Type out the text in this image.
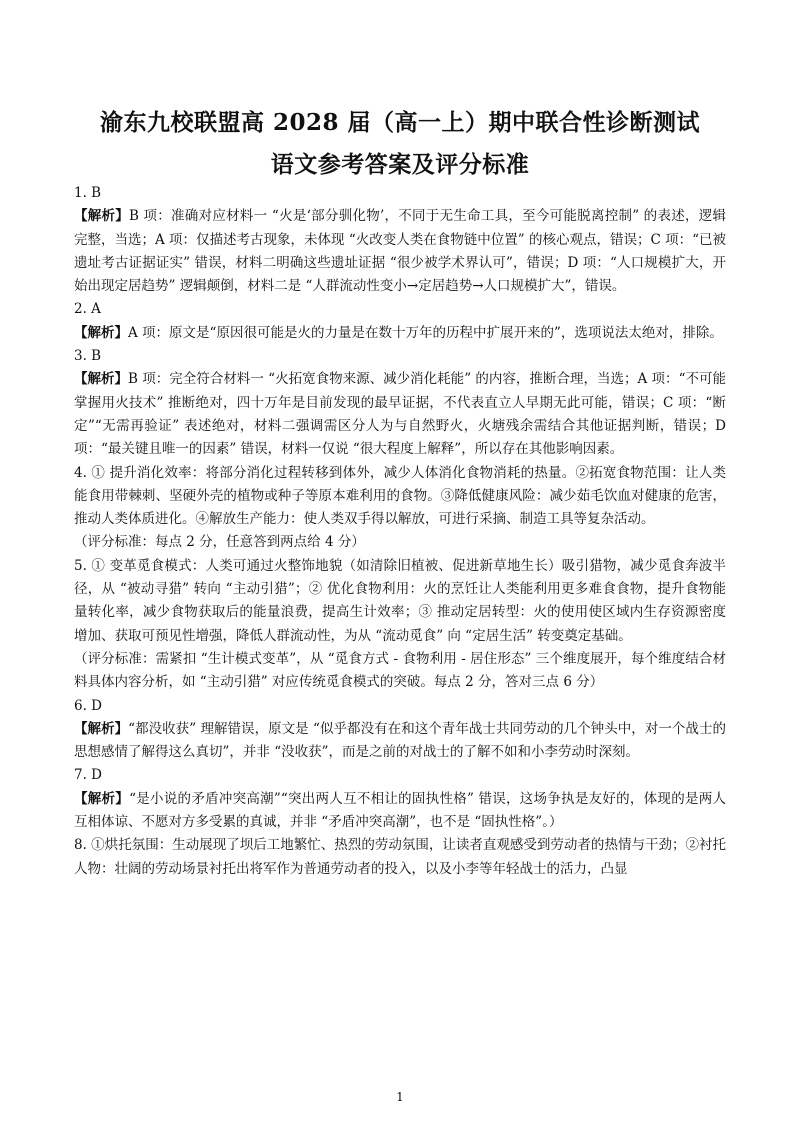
渝东九校联盟高 2028 届（高一上）期中联合性诊断测试
语文参考答案及评分标准

1. B

【解析】B 项：准确对应材料一 “火是‘部分驯化物’，不同于无生命工具，至今可能脱离控制” 的表述，逻辑完整，当选；A 项：仅描述考古现象，未体现 “火改变人类在食物链中位置” 的核心观点，错误；C 项：“已被遗址考古证据证实” 错误，材料二明确这些遗址证据 “很少被学术界认可”，错误；D 项：“人口规模扩大，开始出现定居趋势” 逻辑颠倒，材料二是 “人群流动性变小→定居趋势→人口规模扩大”，错误。

2. A

【解析】A 项：原文是“原因很可能是火的力量是在数十万年的历程中扩展开来的”，选项说法太绝对，排除。

3. B

【解析】B 项：完全符合材料一 “火拓宽食物来源、减少消化耗能” 的内容，推断合理，当选；A 项：“不可能掌握用火技术” 推断绝对，四十万年是目前发现的最早证据，不代表直立人早期无此可能，错误；C 项：“断定”“无需再验证” 表述绝对，材料二强调需区分人为与自然野火，火塘残余需结合其他证据判断，错误；D 项：“最关键且唯一的因素” 错误，材料一仅说 “很大程度上解释”，所以存在其他影响因素。

4. ① 提升消化效率：将部分消化过程转移到体外，减少人体消化食物消耗的热量。②拓宽食物范围：让人类能食用带棘刺、坚硬外壳的植物或种子等原本难利用的食物。③降低健康风险：减少茹毛饮血对健康的危害，推动人类体质进化。④解放生产能力：使人类双手得以解放，可进行采摘、制造工具等复杂活动。

（评分标准：每点 2 分，任意答到两点给 4 分）

5. ① 变革觅食模式：人类可通过火整饰地貌（如清除旧植被、促进新草地生长）吸引猎物，减少觅食奔波半径，从 “被动寻猎” 转向 “主动引猎”；② 优化食物利用：火的烹饪让人类能利用更多难食食物，提升食物能量转化率，减少食物获取后的能量浪费，提高生计效率；③ 推动定居转型：火的使用使区域内生存资源密度增加、获取可预见性增强，降低人群流动性，为从 “流动觅食” 向 “定居生活” 转变奠定基础。

（评分标准：需紧扣 “生计模式变革”，从 “觅食方式 - 食物利用 - 居住形态” 三个维度展开，每个维度结合材料具体内容分析，如 “主动引猎” 对应传统觅食模式的突破。每点 2 分，答对三点 6 分）

6. D

【解析】“都没收获” 理解错误，原文是 “似乎都没有在和这个青年战士共同劳动的几个钟头中，对一个战士的思想感情了解得这么真切”，并非 “没收获”，而是之前的对战士的了解不如和小李劳动时深刻。

7. D

【解析】“是小说的矛盾冲突高潮”“突出两人互不相让的固执性格” 错误，这场争执是友好的，体现的是两人互相体谅、不愿对方多受累的真诚，并非 “矛盾冲突高潮”，也不是 “固执性格”。）

8. ①烘托氛围：生动展现了坝后工地繁忙、热烈的劳动氛围，让读者直观感受到劳动者的热情与干劲；②衬托人物：壮阔的劳动场景衬托出将军作为普通劳动者的投入，以及小李等年轻战士的活力，凸显

1
